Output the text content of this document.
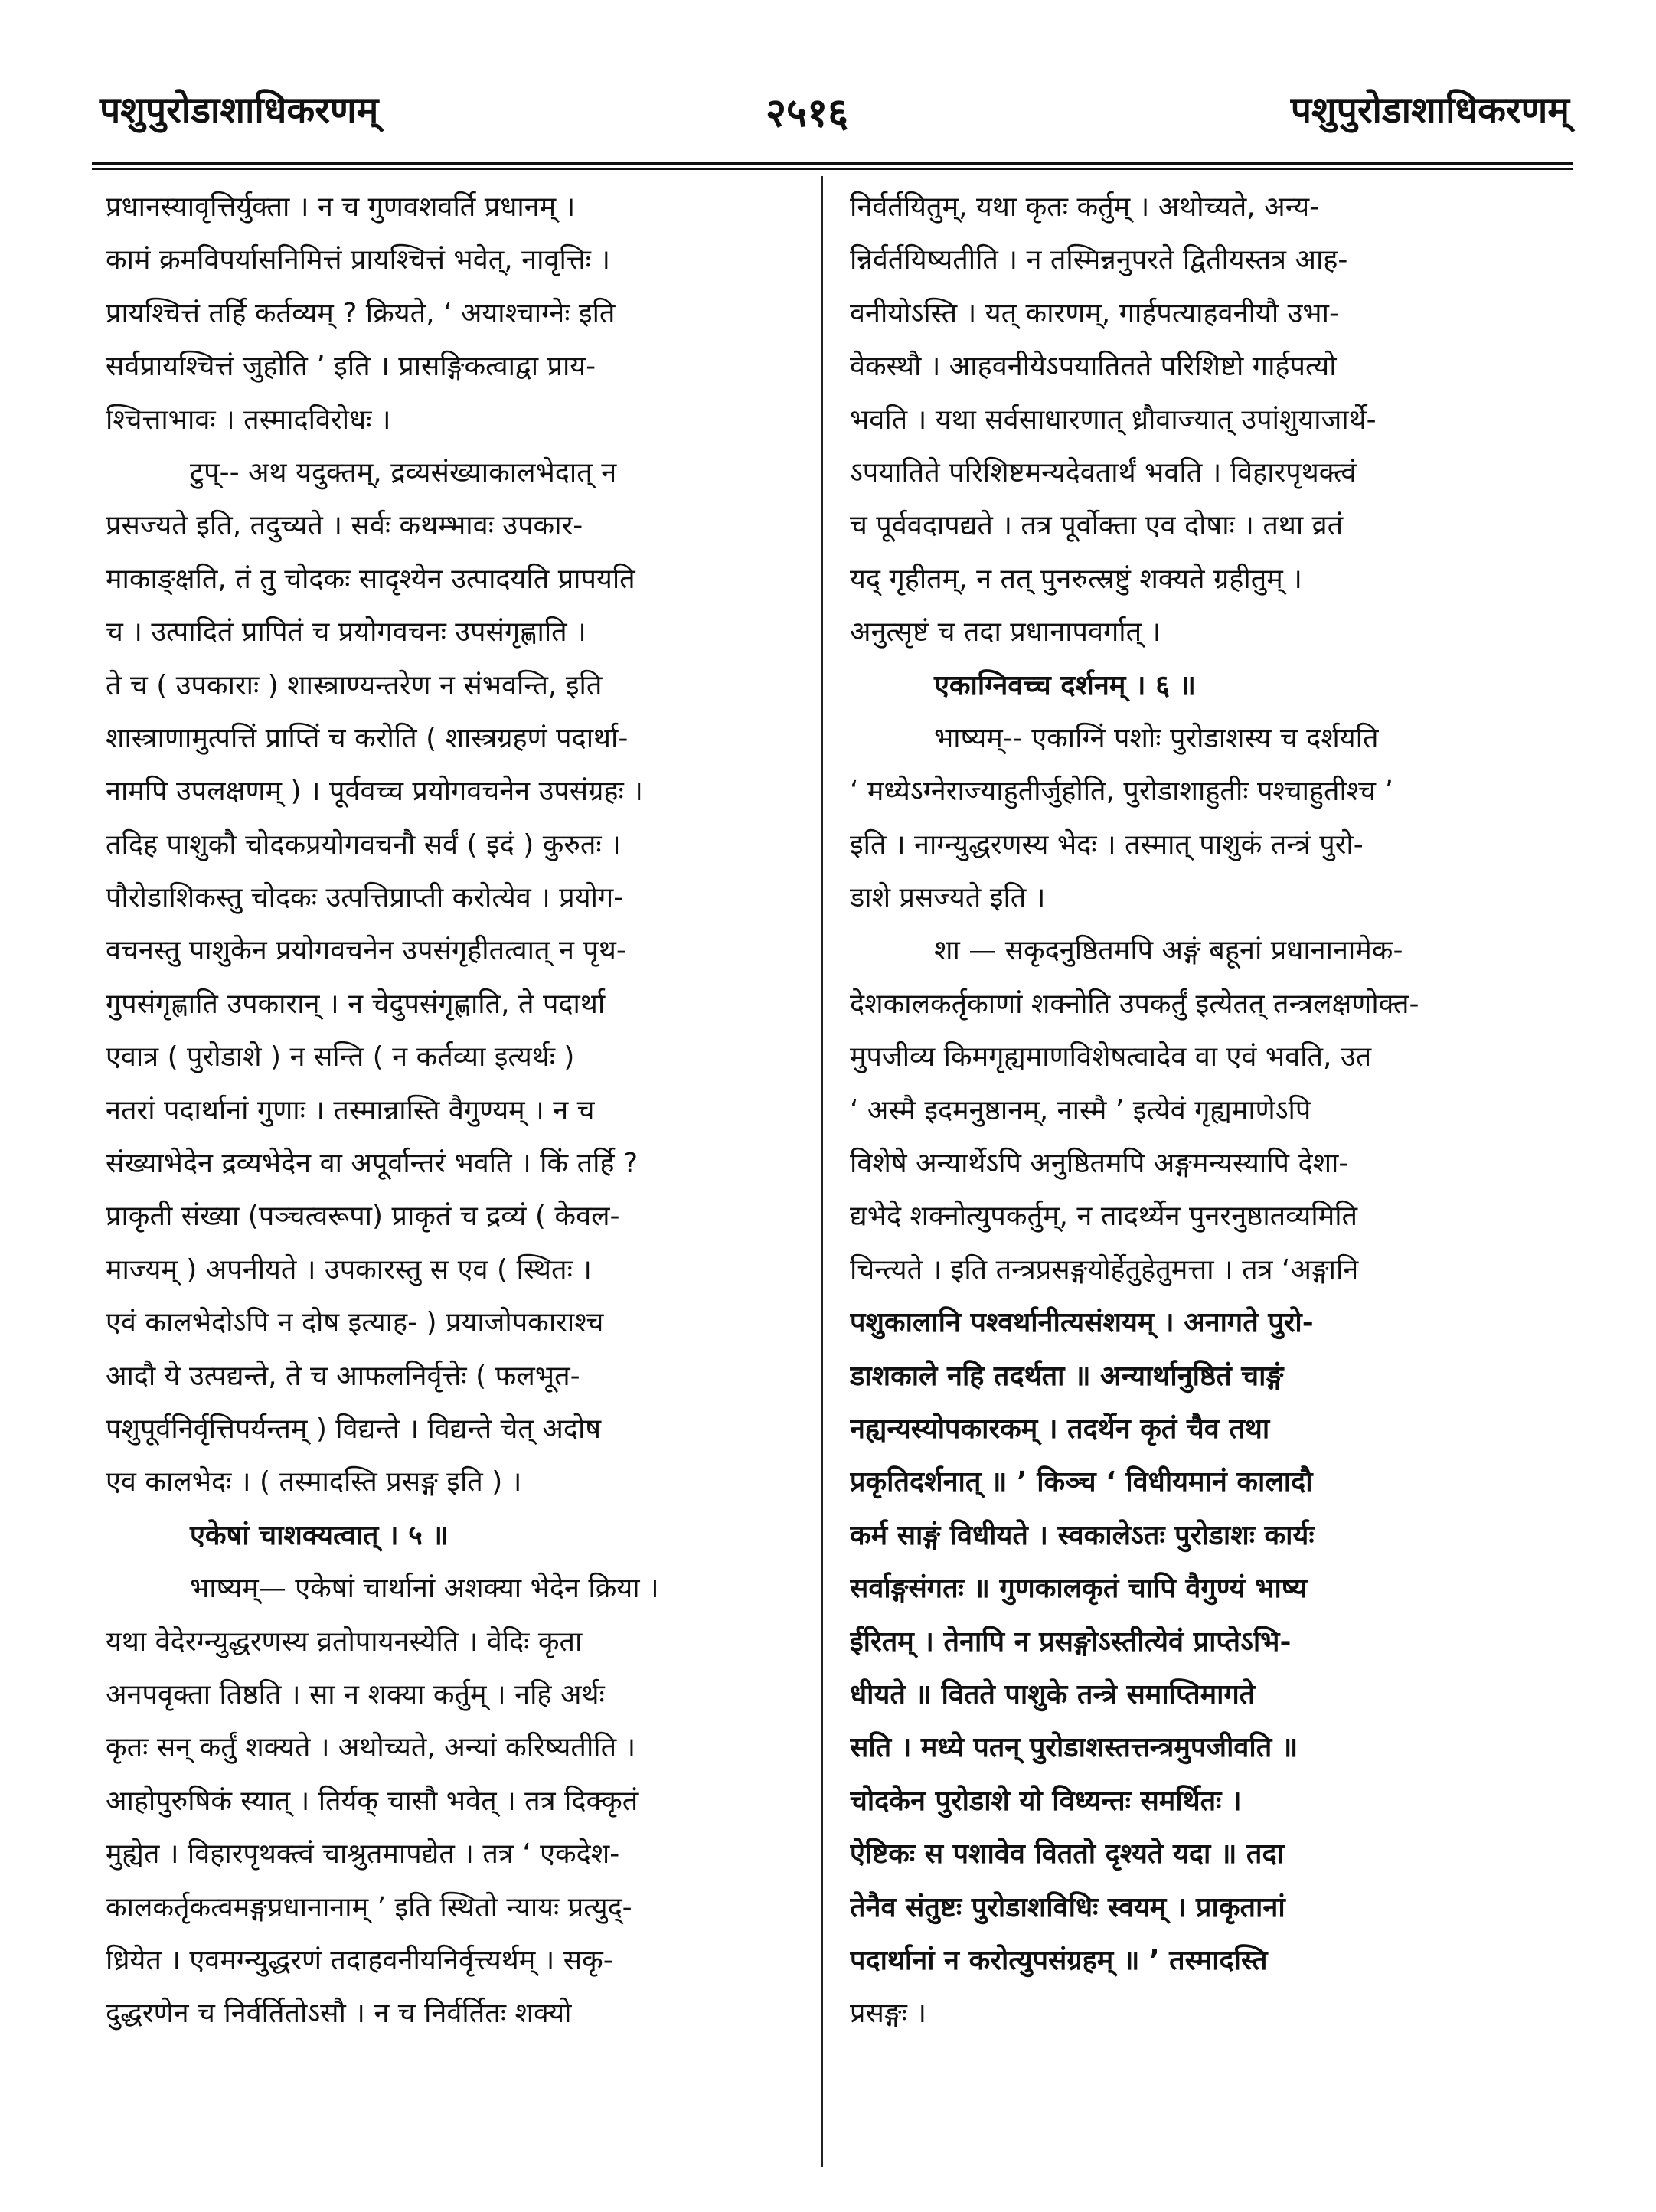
पशुपुरोडाशाधिकरणम्	२५१६	पशुपुरोडाशाधिकरणम्
प्रधानस्यावृत्तिर्युक्ता । न च गुणवशवर्ति प्रधानम् ।
कामं क्रमविपर्यासनिमित्तं प्रायश्चित्तं भवेत्, नावृत्तिः ।
प्रायश्चित्तं तर्हि कर्तव्यम् ? क्रियते, ‘ अयाश्चाग्नेः इति
सर्वप्रायश्चित्तं जुहोति ’ इति । प्रासङ्गिकत्वाद्वा प्राय-
श्चित्ताभावः । तस्मादविरोधः ।
टुप्-- अथ यदुक्तम्, द्रव्यसंख्याकालभेदात् न
प्रसज्यते इति, तदुच्यते । सर्वः कथम्भावः उपकार-
माकाङ्क्षति, तं तु चोदकः सादृश्येन उत्पादयति प्रापयति
च । उत्पादितं प्रापितं च प्रयोगवचनः उपसंगृह्णाति ।
ते च ( उपकाराः ) शास्त्राण्यन्तरेण न संभवन्ति, इति
शास्त्राणामुत्पत्तिं प्राप्तिं च करोति ( शास्त्रग्रहणं पदार्था-
नामपि उपलक्षणम् ) । पूर्ववच्च प्रयोगवचनेन उपसंग्रहः ।
तदिह पाशुकौ चोदकप्रयोगवचनौ सर्वं ( इदं ) कुरुतः ।
पौरोडाशिकस्तु चोदकः उत्पत्तिप्राप्ती करोत्येव । प्रयोग-
वचनस्तु पाशुकेन प्रयोगवचनेन उपसंगृहीतत्वात् न पृथ-
गुपसंगृह्णाति उपकारान् । न चेदुपसंगृह्णाति, ते पदार्था
एवात्र ( पुरोडाशे ) न सन्ति ( न कर्तव्या इत्यर्थः )
नतरां पदार्थानां गुणाः । तस्मान्नास्ति वैगुण्यम् । न च
संख्याभेदेन द्रव्यभेदेन वा अपूर्वान्तरं भवति । किं तर्हि ?
प्राकृती संख्या (पञ्चत्वरूपा) प्राकृतं च द्रव्यं ( केवल-
माज्यम् ) अपनीयते । उपकारस्तु स एव ( स्थितः ।
एवं कालभेदोऽपि न दोष इत्याह- ) प्रयाजोपकाराश्च
आदौ ये उत्पद्यन्ते, ते च आफलनिर्वृत्तेः ( फलभूत-
पशुपूर्वनिर्वृत्तिपर्यन्तम् ) विद्यन्ते । विद्यन्ते चेत् अदोष
एव कालभेदः । ( तस्मादस्ति प्रसङ्ग इति ) ।
एकेषां चाशक्यत्वात् । ५ ॥
भाष्यम्— एकेषां चार्थानां अशक्या भेदेन क्रिया ।
यथा वेदेरग्न्युद्धरणस्य व्रतोपायनस्येति । वेदिः कृता
अनपवृक्ता तिष्ठति । सा न शक्या कर्तुम् । नहि अर्थः
कृतः सन् कर्तुं शक्यते । अथोच्यते, अन्यां करिष्यतीति ।
आहोपुरुषिकं स्यात् । तिर्यक् चासौ भवेत् । तत्र दिक्कृतं
मुह्येत । विहारपृथक्त्वं चाश्रुतमापद्येत । तत्र ‘ एकदेश-
कालकर्तृकत्वमङ्गप्रधानानाम् ’ इति स्थितो न्यायः प्रत्युद्-
ध्रियेत । एवमग्न्युद्धरणं तदाहवनीयनिर्वृत्त्यर्थम् । सकृ-
दुद्धरणेन च निर्वर्तितोऽसौ । न च निर्वर्तितः शक्यो
निर्वर्तयितुम्, यथा कृतः कर्तुम् । अथोच्यते, अन्य-
न्निर्वर्तयिष्यतीति । न तस्मिन्ननुपरते द्वितीयस्तत्र आह-
वनीयोऽस्ति । यत् कारणम्, गार्हपत्याहवनीयौ उभा-
वेकस्थौ । आहवनीयेऽपयातितते परिशिष्टो गार्हपत्यो
भवति । यथा सर्वसाधारणात् ध्रौवाज्यात् उपांशुयाजार्थे-
ऽपयातिते परिशिष्टमन्यदेवतार्थं भवति । विहारपृथक्त्वं
च पूर्ववदापद्यते । तत्र पूर्वोक्ता एव दोषाः । तथा व्रतं
यद् गृहीतम्, न तत् पुनरुत्स्रष्टुं शक्यते ग्रहीतुम् ।
अनुत्सृष्टं च तदा प्रधानापवर्गात् ।
एकाग्निवच्च दर्शनम् । ६ ॥
भाष्यम्-- एकाग्निं पशोः पुरोडाशस्य च दर्शयति
‘ मध्येऽग्नेराज्याहुतीर्जुहोति, पुरोडाशाहुतीः पश्चाहुतीश्च ’
इति । नाग्न्युद्धरणस्य भेदः । तस्मात् पाशुकं तन्त्रं पुरो-
डाशे प्रसज्यते इति ।
शा — सकृदनुष्ठितमपि अङ्गं बहूनां प्रधानानामेक-
देशकालकर्तृकाणां शक्नोति उपकर्तुं इत्येतत् तन्त्रलक्षणोक्त-
मुपजीव्य किमगृह्यमाणविशेषत्वादेव वा एवं भवति, उत
‘ अस्मै इदमनुष्ठानम्, नास्मै ’ इत्येवं गृह्यमाणेऽपि
विशेषे अन्यार्थेऽपि अनुष्ठितमपि अङ्गमन्यस्यापि देशा-
द्यभेदे शक्नोत्युपकर्तुम्, न तादर्थ्येन पुनरनुष्ठातव्यमिति
चिन्त्यते । इति तन्त्रप्रसङ्गयोर्हेतुहेतुमत्ता । तत्र ‘अङ्गानि
पशुकालानि पश्वर्थानीत्यसंशयम् । अनागते पुरो-
डाशकाले नहि तदर्थता ॥ अन्यार्थानुष्ठितं चाङ्गं
नह्यन्यस्योपकारकम् । तदर्थेन कृतं चैव तथा
प्रकृतिदर्शनात् ॥ ’ किञ्च ‘ विधीयमानं कालादौ
कर्म साङ्गं विधीयते । स्वकालेऽतः पुरोडाशः कार्यः
सर्वाङ्गसंगतः ॥ गुणकालकृतं चापि वैगुण्यं भाष्य
ईरितम् । तेनापि न प्रसङ्गोऽस्तीत्येवं प्राप्तेऽभि-
धीयते ॥ वितते पाशुके तन्त्रे समाप्तिमागते
सति । मध्ये पतन् पुरोडाशस्तत्तन्त्रमुपजीवति ॥
चोदकेन पुरोडाशे यो विध्यन्तः समर्थितः ।
ऐष्टिकः स पशावेव विततो दृश्यते यदा ॥ तदा
तेनैव संतुष्टः पुरोडाशविधिः स्वयम् । प्राकृतानां
पदार्थानां न करोत्युपसंग्रहम् ॥ ’ तस्मादस्ति
प्रसङ्गः ।
